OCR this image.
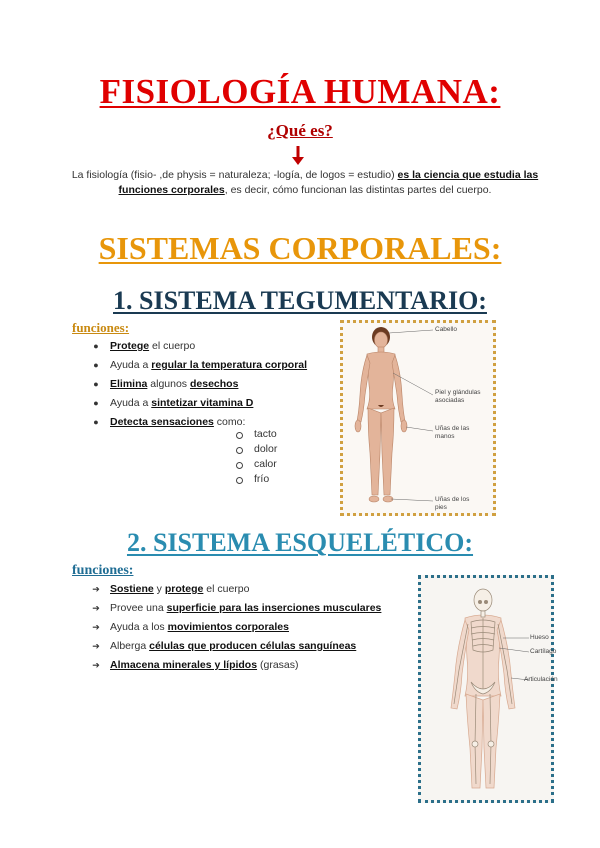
FISIOLOGÍA HUMANA:
¿Qué es?
La fisiología (fisio- ,de physis = naturaleza; -logía, de logos = estudio) es la ciencia que estudia las funciones corporales, es decir, cómo funcionan las distintas partes del cuerpo.
SISTEMAS CORPORALES:
1. SISTEMA TEGUMENTARIO:
funciones:
●	Protege el cuerpo
●	Ayuda a regular la temperatura corporal
●	Elimina algunos desechos
●	Ayuda a sintetizar vitamina D
●	Detecta sensaciones como:
tacto
dolor
calor
frío
Cabello
Piel y glándulas asociadas
Uñas de las manos
Uñas de los pies
2. SISTEMA ESQUELÉTICO:
funciones:
➔ Sostiene y protege el cuerpo
➔ Provee una superficie para las inserciones musculares
➔ Ayuda a los movimientos corporales
➔ Alberga células que producen células sanguíneas
➔ Almacena minerales y lípidos (grasas)
Hueso
Cartílago
Articulación
